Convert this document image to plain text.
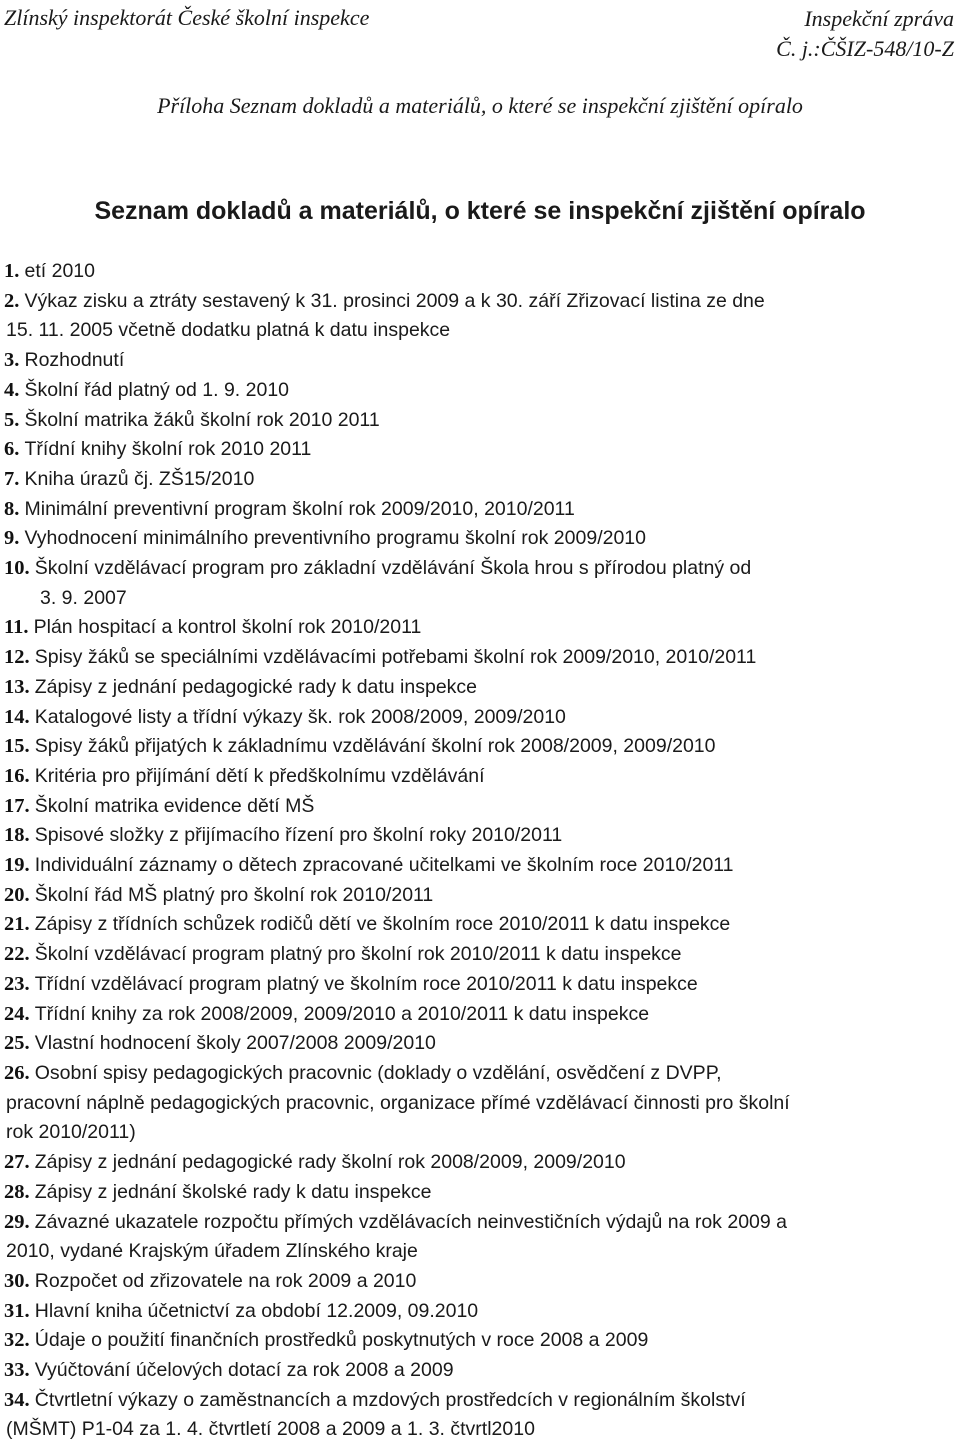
Zlínský inspektorát České školní inspekce	Inspekční zpráva
Č. j.:ČŠIZ-548/10-Z
Příloha Seznam dokladů a materiálů, o které se inspekční zjištění opíralo
Seznam dokladů a materiálů, o které se inspekční zjištění opíralo
1. etí 2010
2. Výkaz zisku a ztráty sestavený k 31. prosinci 2009 a k 30. září Zřizovací listina ze dne
15. 11. 2005 včetně dodatku platná k datu inspekce
3. Rozhodnutí
4. Školní řád platný od 1. 9. 2010
5. Školní matrika žáků školní rok 2010 2011
6. Třídní knihy školní rok 2010 2011
7. Kniha úrazů čj. ZŠ15/2010
8. Minimální preventivní program školní rok 2009/2010, 2010/2011
9. Vyhodnocení minimálního preventivního programu školní rok 2009/2010
10. Školní vzdělávací program pro základní vzdělávání Škola hrou s přírodou platný od
3. 9. 2007
11. Plán hospitací a kontrol školní rok 2010/2011
12. Spisy žáků se speciálními vzdělávacími potřebami školní rok 2009/2010, 2010/2011
13. Zápisy z jednání pedagogické rady k datu inspekce
14. Katalogové listy a třídní výkazy šk. rok 2008/2009, 2009/2010
15. Spisy žáků přijatých k základnímu vzdělávání školní rok 2008/2009, 2009/2010
16. Kritéria pro přijímání dětí k předškolnímu vzdělávání
17. Školní matrika evidence dětí MŠ
18. Spisové složky z přijímacího řízení pro školní roky 2010/2011
19. Individuální záznamy o dětech zpracované učitelkami ve školním roce 2010/2011
20. Školní řád MŠ platný pro školní rok 2010/2011
21. Zápisy z třídních schůzek rodičů dětí ve školním roce 2010/2011 k datu inspekce
22. Školní vzdělávací program platný pro školní rok 2010/2011 k datu inspekce
23. Třídní vzdělávací program platný ve školním roce 2010/2011 k datu inspekce
24. Třídní knihy za rok 2008/2009, 2009/2010 a 2010/2011 k datu inspekce
25. Vlastní hodnocení školy 2007/2008 2009/2010
26. Osobní spisy pedagogických pracovnic (doklady o vzdělání, osvědčení z DVPP,
pracovní náplně pedagogických pracovnic, organizace přímé vzdělávací činnosti pro školní
rok 2010/2011)
27. Zápisy z jednání pedagogické rady školní rok 2008/2009, 2009/2010
28. Zápisy z jednání školské rady k datu inspekce
29. Závazné ukazatele rozpočtu přímých vzdělávacích neinvestičních výdajů na rok 2009 a
2010, vydané Krajským úřadem Zlínského kraje
30. Rozpočet od zřizovatele na rok 2009 a 2010
31. Hlavní kniha účetnictví za období 12.2009, 09.2010
32. Údaje o použití finančních prostředků poskytnutých v roce 2008 a 2009
33. Vyúčtování účelových dotací za rok 2008 a 2009
34. Čtvrtletní výkazy o zaměstnancích a mzdových prostředcích v regionálním školství
(MŠMT) P1-04 za 1. 4. čtvrtletí 2008 a 2009 a 1. 3. čtvrtl2010
